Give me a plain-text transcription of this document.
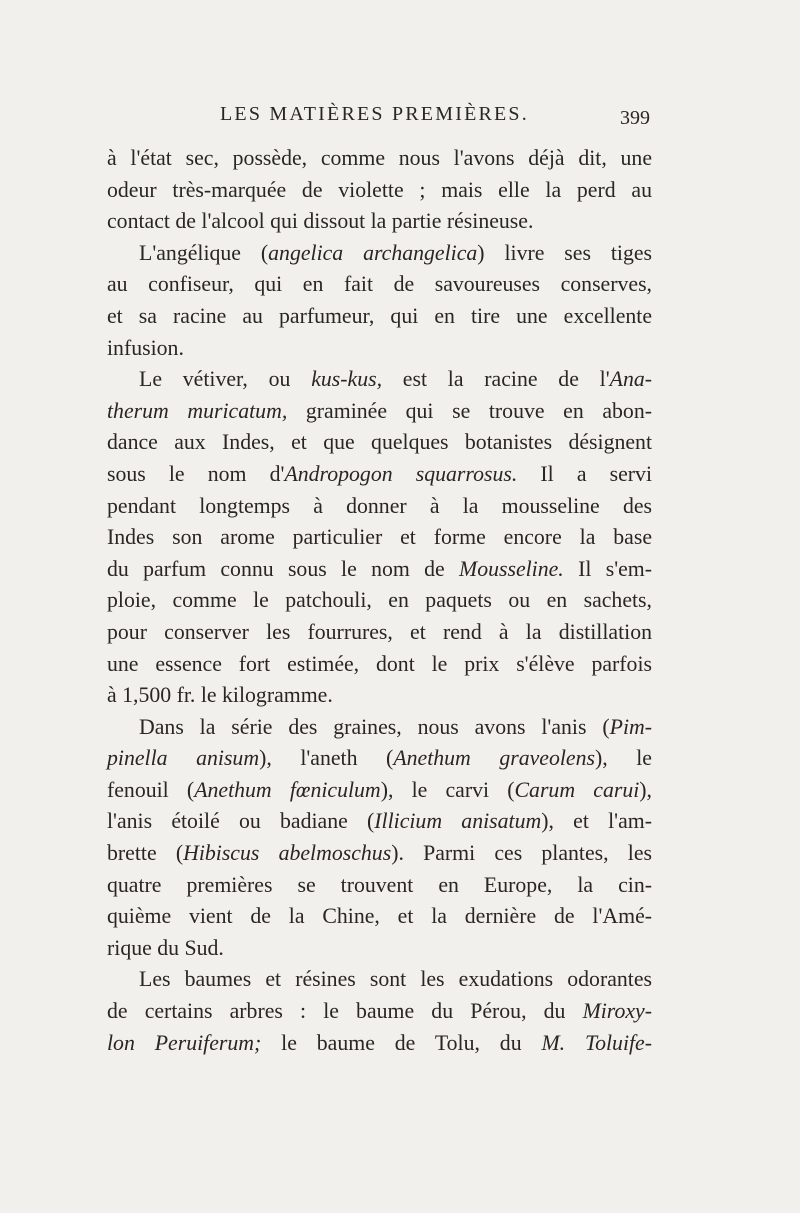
LES MATIÈRES PREMIÈRES.	399
à l'état sec, possède, comme nous l'avons déjà dit, une
odeur très-marquée de violette ; mais elle la perd au
contact de l'alcool qui dissout la partie résineuse.
L'angélique (angelica archangelica) livre ses tiges
au confiseur, qui en fait de savoureuses conserves,
et sa racine au parfumeur, qui en tire une excellente
infusion.
Le vétiver, ou kus-kus, est la racine de l'Ana-
therum muricatum, graminée qui se trouve en abon-
dance aux Indes, et que quelques botanistes désignent
sous le nom d'Andropogon squarrosus. Il a servi
pendant longtemps à donner à la mousseline des
Indes son arome particulier et forme encore la base
du parfum connu sous le nom de Mousseline. Il s'em-
ploie, comme le patchouli, en paquets ou en sachets,
pour conserver les fourrures, et rend à la distillation
une essence fort estimée, dont le prix s'élève parfois
à 1,500 fr. le kilogramme.
Dans la série des graines, nous avons l'anis (Pim-
pinella anisum), l'aneth (Anethum graveolens), le
fenouil (Anethum fœniculum), le carvi (Carum carui),
l'anis étoilé ou badiane (Illicium anisatum), et l'am-
brette (Hibiscus abelmoschus). Parmi ces plantes, les
quatre premières se trouvent en Europe, la cin-
quième vient de la Chine, et la dernière de l'Amé-
rique du Sud.
Les baumes et résines sont les exudations odorantes
de certains arbres : le baume du Pérou, du Miroxy-
lon Peruiferum; le baume de Tolu, du M. Toluife-
